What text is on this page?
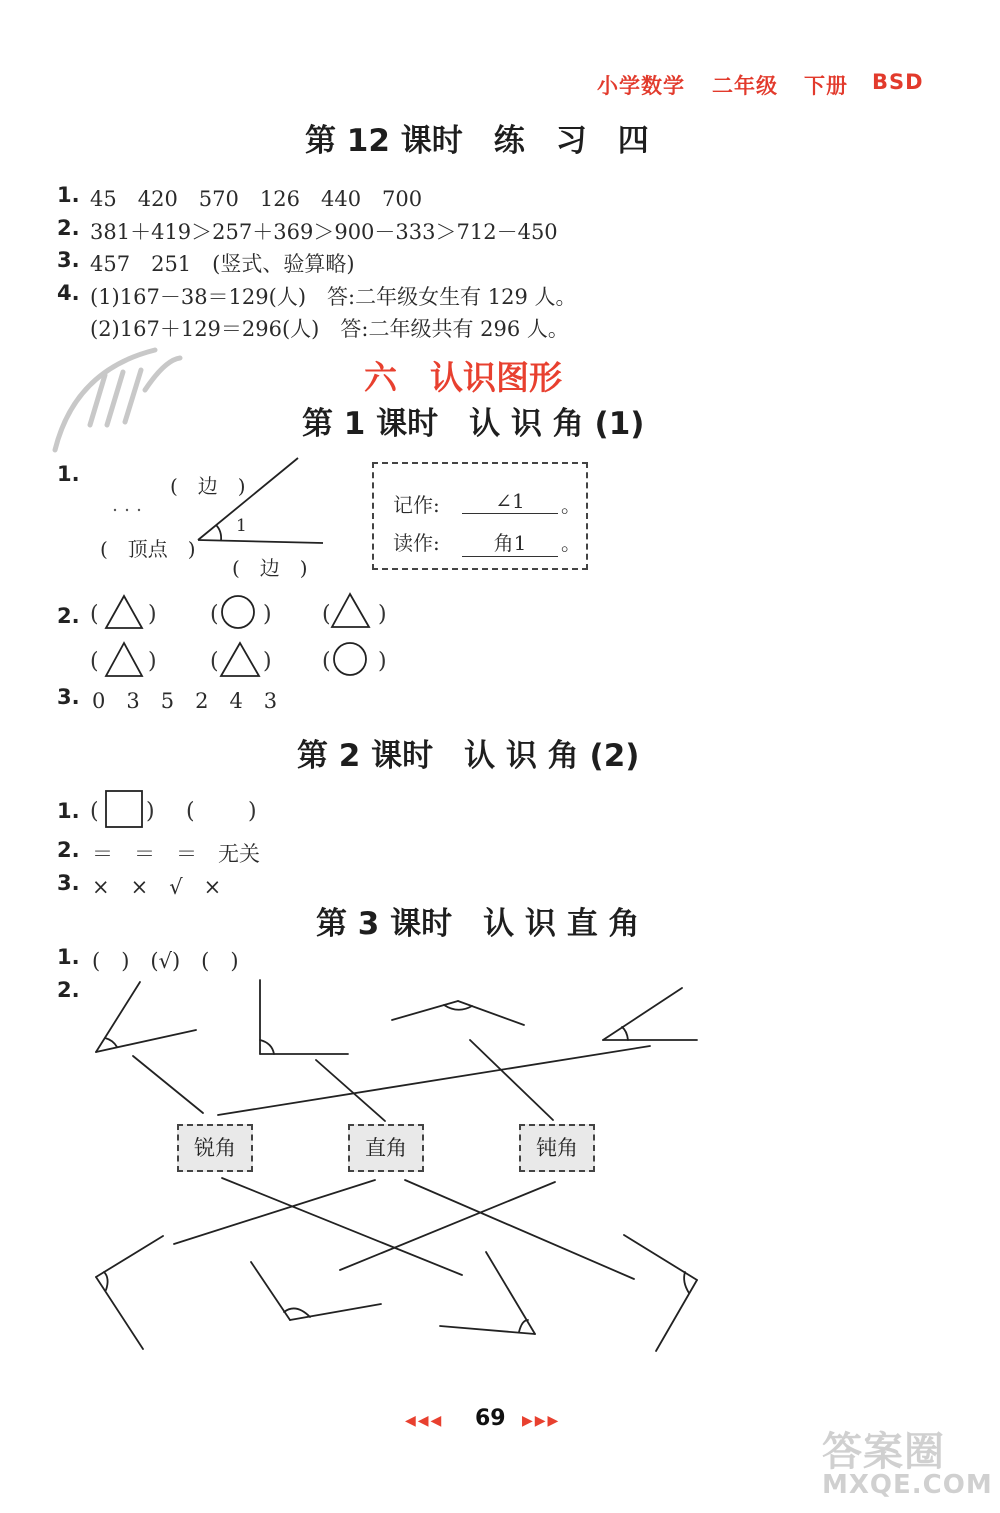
小学数学 二年级 下册 BSD
第 12 课时　练　习　四
1. 45　420　570　126　440　700
2. 381＋419＞257＋369＞900－333＞712－450
3. 457　251　(竖式、验算略)
4. (1)167－38＝129(人)　答:二年级女生有 129 人。
(2)167＋129＝296(人)　答:二年级共有 296 人。
六　认识图形
第 1 课时　认 识 角 (1)
1.	(　边　)
(　顶点　)
(　边　)
1
记作:	∠1	。
读作:	角1	。
2. ( ) ( ) ( )
( ) ( ) ( )
3. 0　3　5　2　4　3
第 2 课时　认 识 角 (2)
1. ( ) ( )
2. ＝　＝　＝　无关
3. ×　×　√　×
第 3 课时　认 识 直 角
1. (　)　(√)　(　)
2.
锐角	直角	钝角
◀◀◀ 69 ▶▶▶
答案圈
MXQE.COM
